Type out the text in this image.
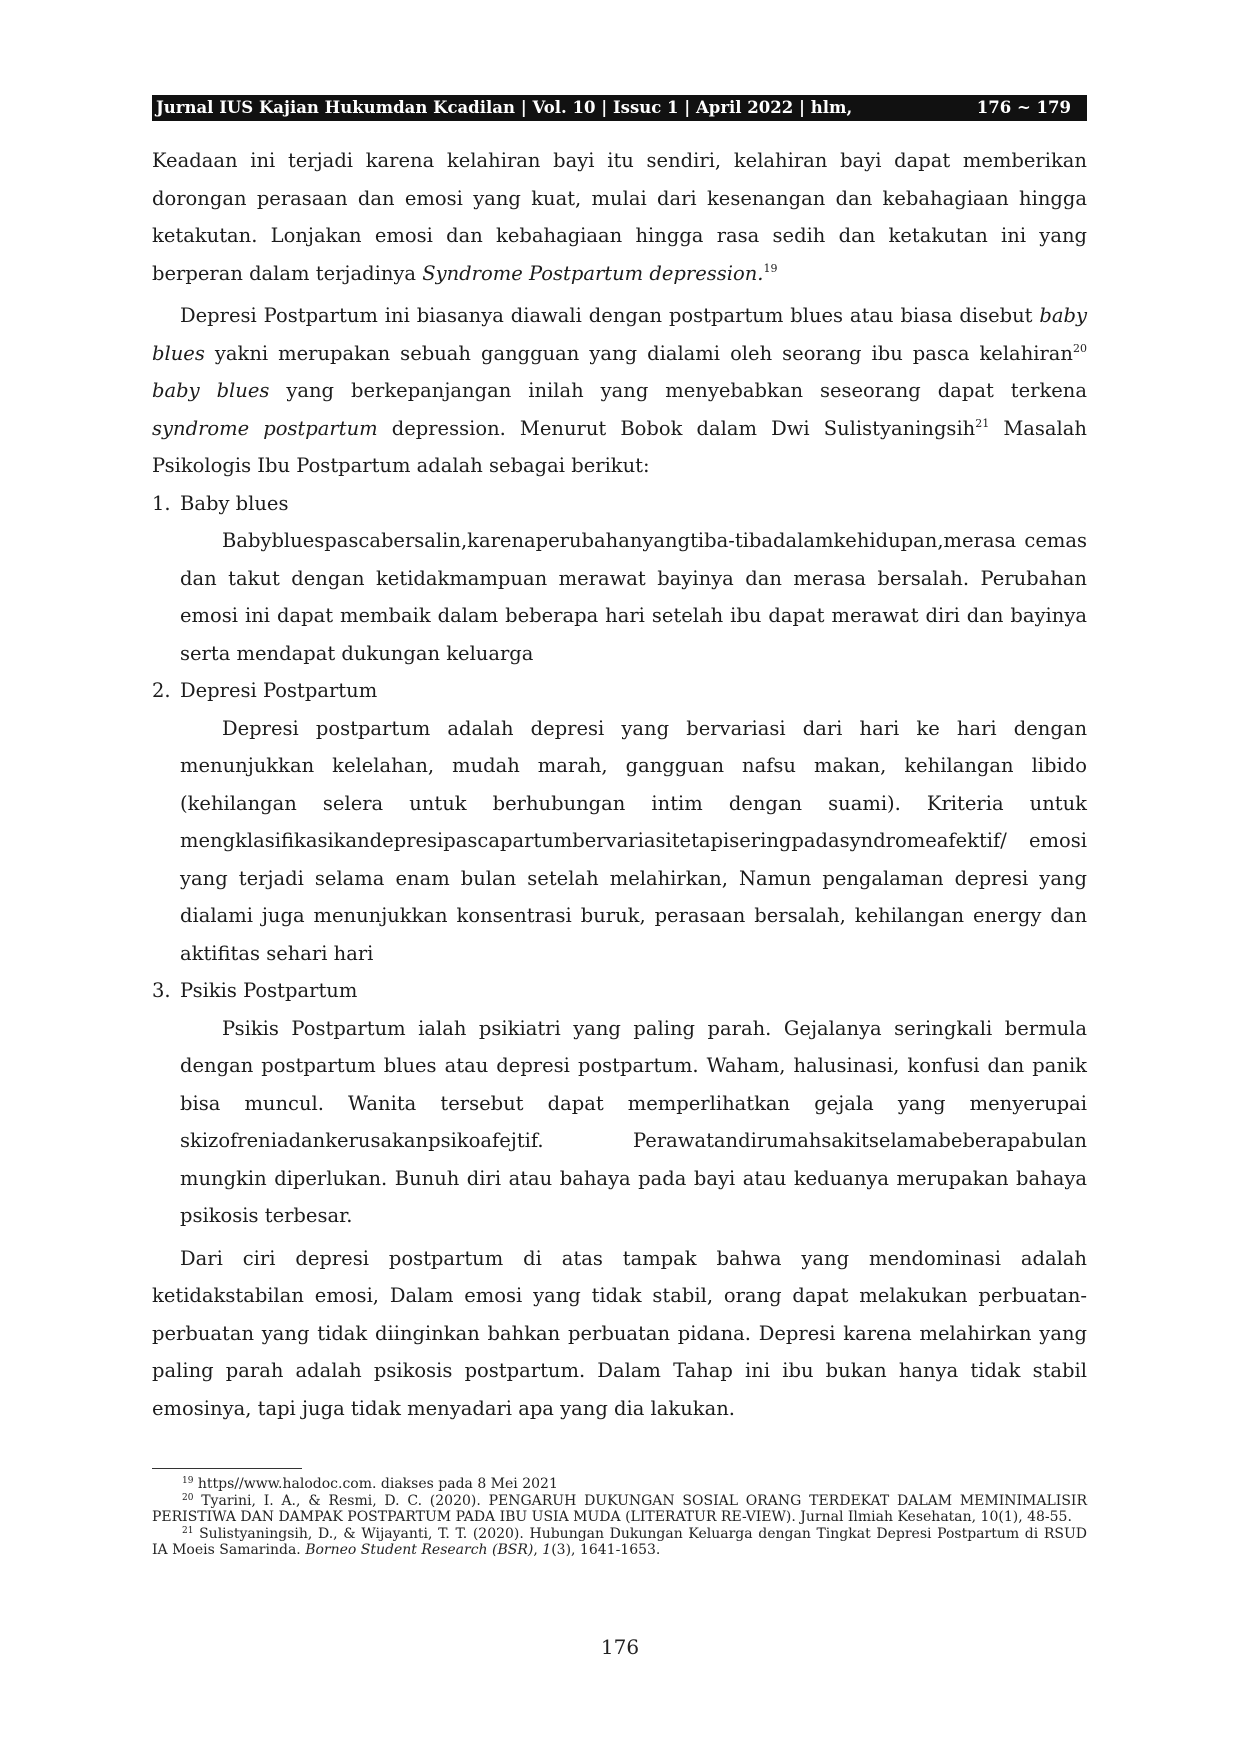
Jurnal IUS Kajian Hukumdan Kcadilan | Vol. 10 | Issuc 1 | April 2022 | hlm,	176 ~ 179

Keadaan ini terjadi karena kelahiran bayi itu sendiri, kelahiran bayi dapat memberikan dorongan perasaan dan emosi yang kuat, mulai dari kesenangan dan kebahagiaan hingga ketakutan. Lonjakan emosi dan kebahagiaan hingga rasa sedih dan ketakutan ini yang berperan dalam terjadinya Syndrome Postpartum depression.$^{19}$

Depresi Postpartum ini biasanya diawali dengan postpartum blues atau biasa disebut baby blues yakni merupakan sebuah gangguan yang dialami oleh seorang ibu pasca kelahiran$^{20}$ baby blues yang berkepanjangan inilah yang menyebabkan seseorang dapat terkena syndrome postpartum depression. Menurut Bobok dalam Dwi Sulistyaningsih$^{21}$ Masalah Psikologis Ibu Postpartum adalah sebagai berikut:

1. Baby blues

Babybluespascabersalin,karenaperubahanyangtiba-tibadalamkehidupan,merasa cemas dan takut dengan ketidakmampuan merawat bayinya dan merasa bersalah. Perubahan emosi ini dapat membaik dalam beberapa hari setelah ibu dapat merawat diri dan bayinya serta mendapat dukungan keluarga

2. Depresi Postpartum

Depresi postpartum adalah depresi yang bervariasi dari hari ke hari dengan menunjukkan kelelahan, mudah marah, gangguan nafsu makan, kehilangan libido (kehilangan selera untuk berhubungan intim dengan suami). Kriteria untuk mengklasifikasikandepresipascapartumbervariasitetapiseringpadasyndromeafektif/ emosi yang terjadi selama enam bulan setelah melahirkan, Namun pengalaman depresi yang dialami juga menunjukkan konsentrasi buruk, perasaan bersalah, kehilangan energy dan aktifitas sehari hari

3. Psikis Postpartum

Psikis Postpartum ialah psikiatri yang paling parah. Gejalanya seringkali bermula dengan postpartum blues atau depresi postpartum. Waham, halusinasi, konfusi dan panik bisa muncul. Wanita tersebut dapat memperlihatkan gejala yang menyerupai skizofreniadankerusakanpsikoafejtif. Perawatandirumahsakitselamabeberapabulan mungkin diperlukan. Bunuh diri atau bahaya pada bayi atau keduanya merupakan bahaya psikosis terbesar.

Dari ciri depresi postpartum di atas tampak bahwa yang mendominasi adalah ketidakstabilan emosi, Dalam emosi yang tidak stabil, orang dapat melakukan perbuatan-perbuatan yang tidak diinginkan bahkan perbuatan pidana. Depresi karena melahirkan yang paling parah adalah psikosis postpartum. Dalam Tahap ini ibu bukan hanya tidak stabil emosinya, tapi juga tidak menyadari apa yang dia lakukan.

$^{19}$ https//www.halodoc.com. diakses pada 8 Mei 2021

$^{20}$ Tyarini, I. A., & Resmi, D. C. (2020). PENGARUH DUKUNGAN SOSIAL ORANG TERDEKAT DALAM MEMINIMALISIR PERISTIWA DAN DAMPAK POSTPARTUM PADA IBU USIA MUDA (LITERATUR RE-VIEW). Jurnal Ilmiah Kesehatan, 10(1), 48-55.

$^{21}$ Sulistyaningsih, D., & Wijayanti, T. T. (2020). Hubungan Dukungan Keluarga dengan Tingkat Depresi Postpartum di RSUD IA Moeis Samarinda. Borneo Student Research (BSR), 1(3), 1641-1653.

176
